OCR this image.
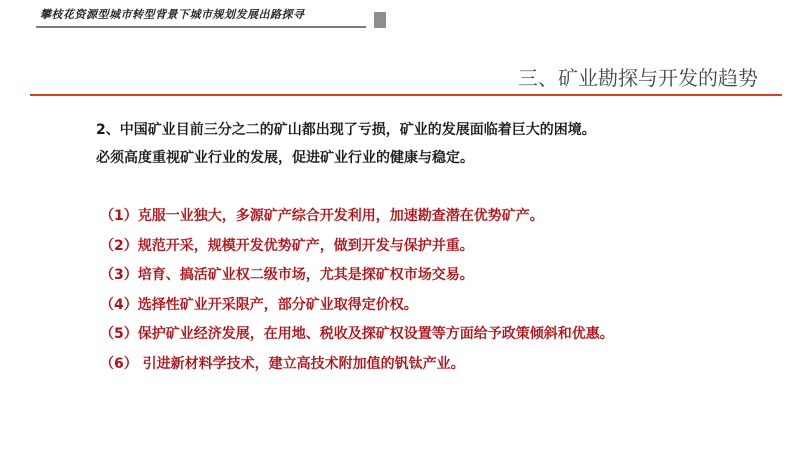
攀枝花资源型城市转型背景下城市规划发展出路探寻
三、矿业勘探与开发的趋势

2、中国矿业目前三分之二的矿山都出现了亏损，矿业的发展面临着巨大的困境。

必须高度重视矿业行业的发展，促进矿业行业的健康与稳定。

（1）克服一业独大，多源矿产综合开发利用，加速勘查潜在优势矿产。
（2）规范开采，规模开发优势矿产，做到开发与保护并重。
（3）培育、搞活矿业权二级市场，尤其是探矿权市场交易。
（4）选择性矿业开采限产，部分矿业取得定价权。
（5）保护矿业经济发展，在用地、税收及探矿权设置等方面给予政策倾斜和优惠。
（6） 引进新材料学技术，建立高技术附加值的钒钛产业。
